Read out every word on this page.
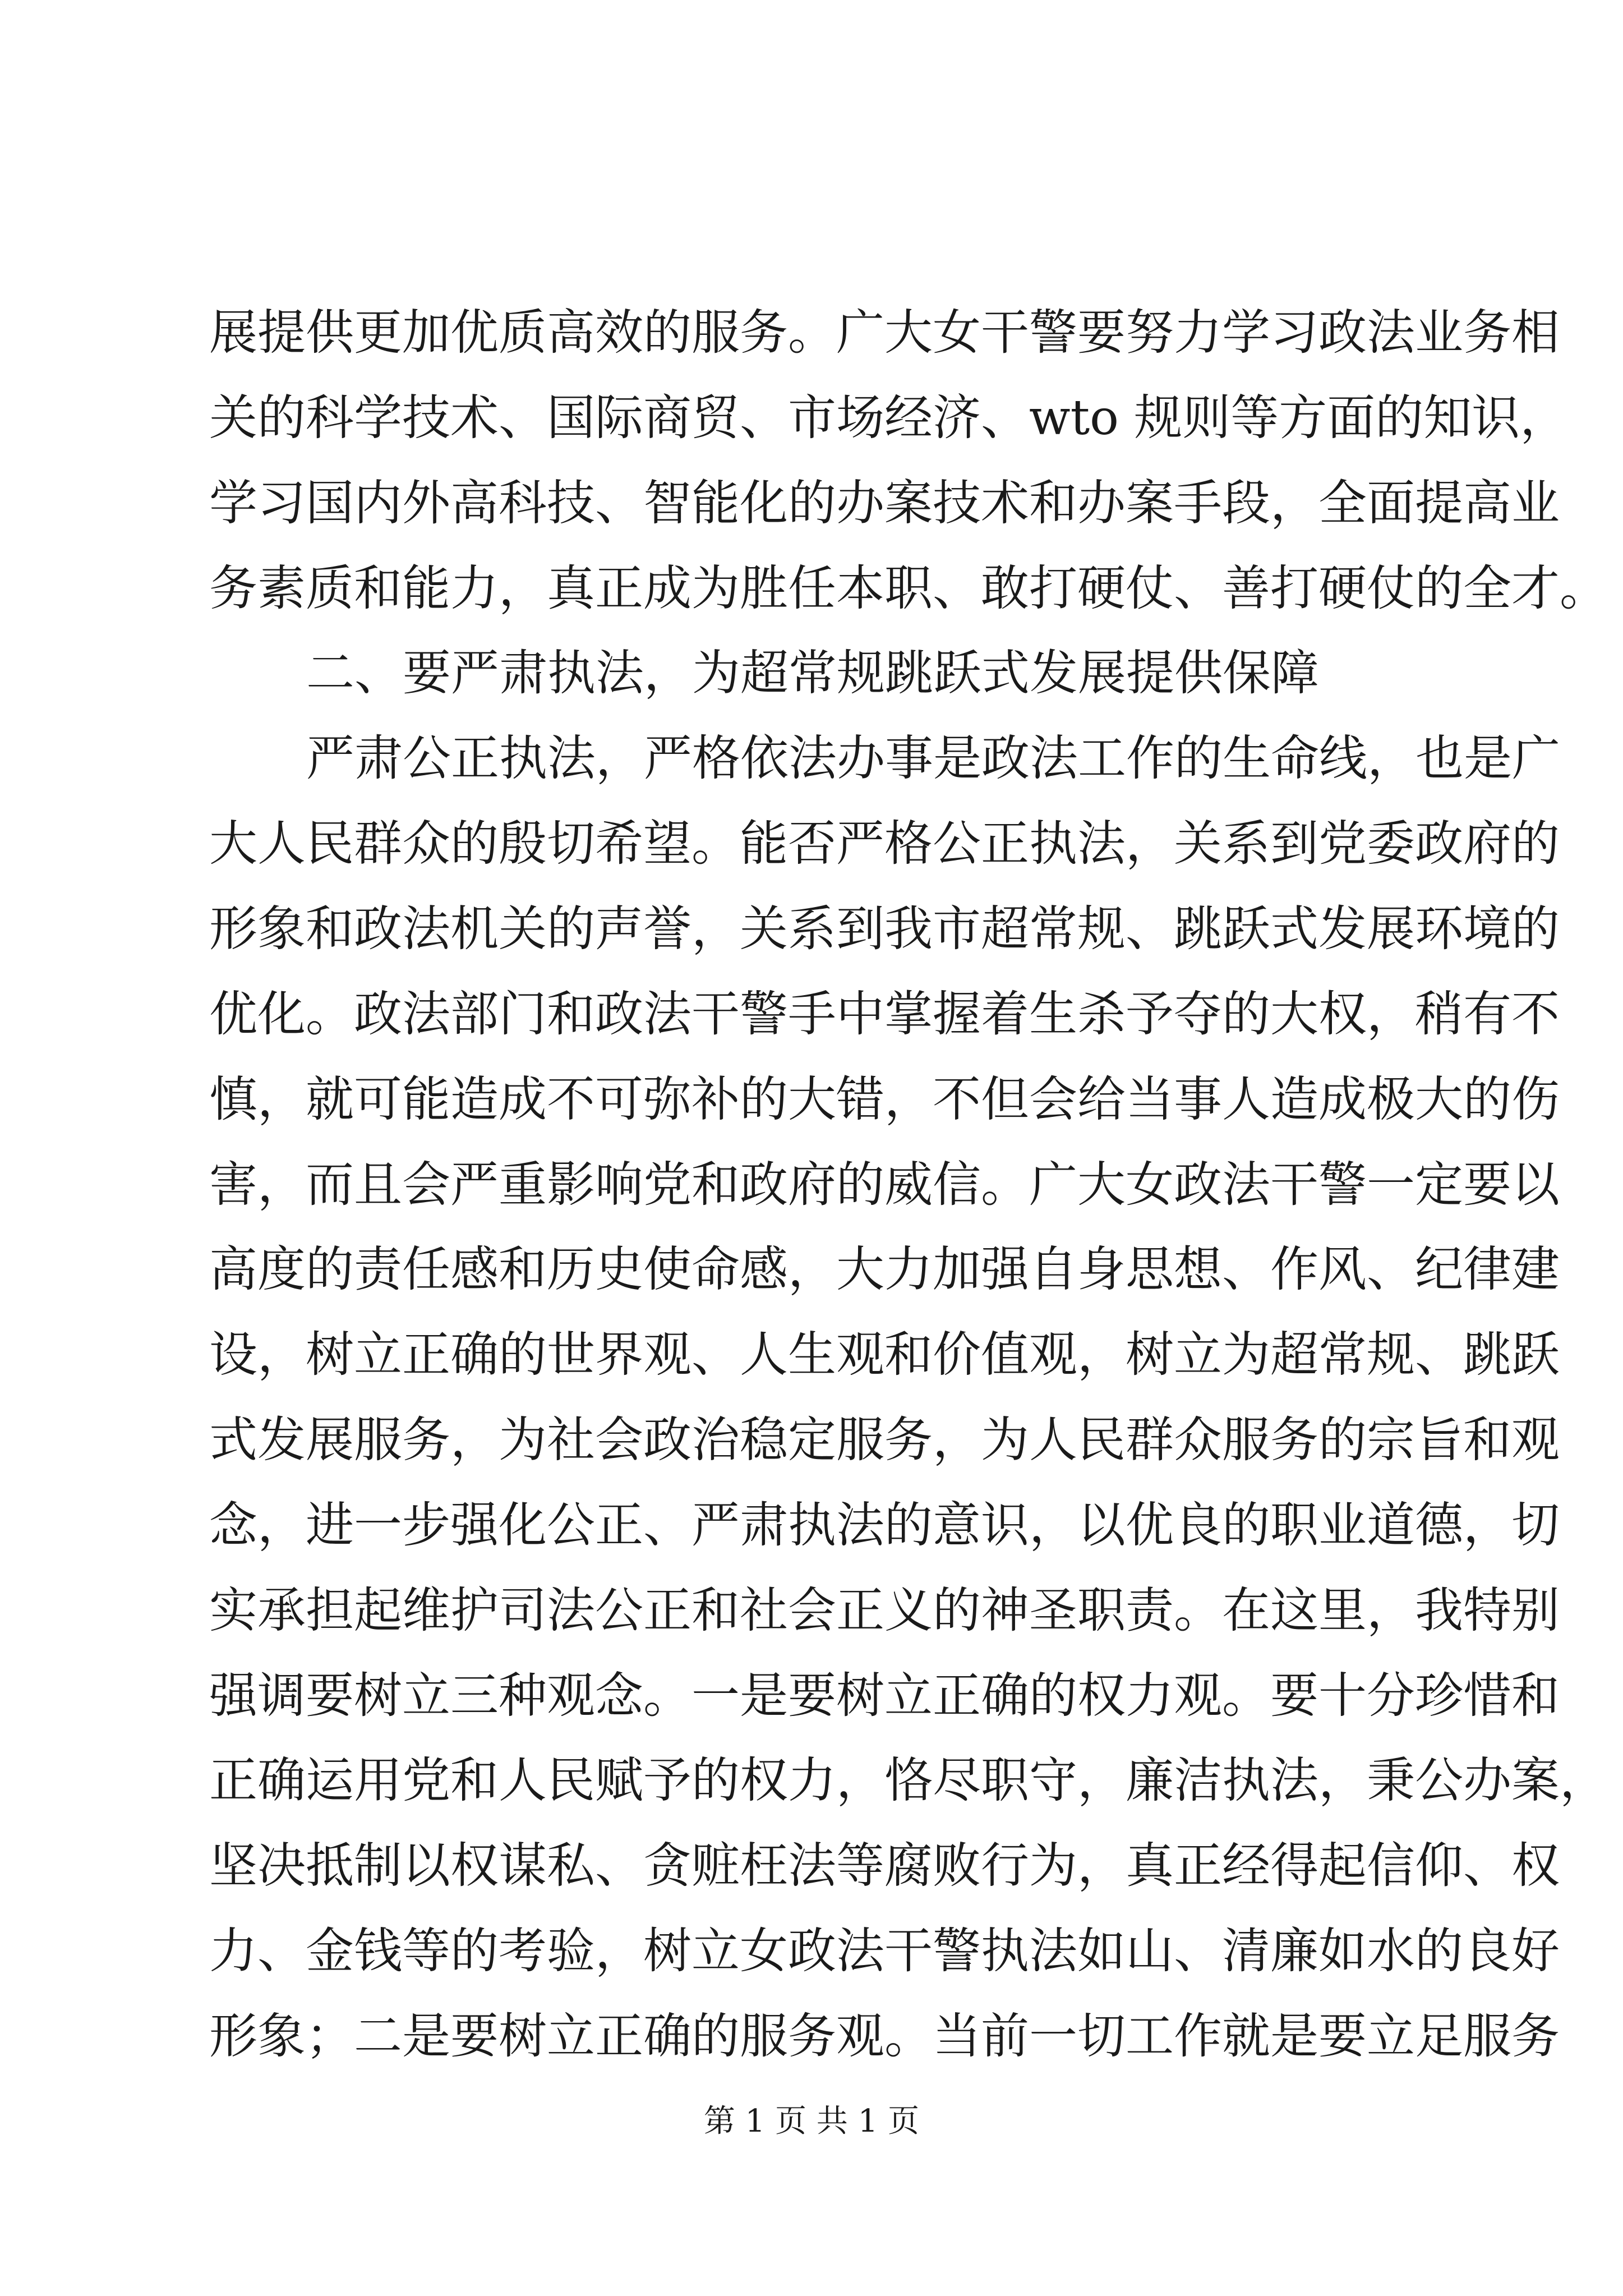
展提供更加优质高效的服务。广大女干警要努力学习政法业务相
关的科学技术、国际商贸、市场经济、wto 规则等方面的知识，
学习国内外高科技、智能化的办案技术和办案手段，全面提高业
务素质和能力，真正成为胜任本职、敢打硬仗、善打硬仗的全才。
二、要严肃执法，为超常规跳跃式发展提供保障
严肃公正执法，严格依法办事是政法工作的生命线，也是广
大人民群众的殷切希望。能否严格公正执法，关系到党委政府的
形象和政法机关的声誉，关系到我市超常规、跳跃式发展环境的
优化。政法部门和政法干警手中掌握着生杀予夺的大权，稍有不
慎，就可能造成不可弥补的大错，不但会给当事人造成极大的伤
害，而且会严重影响党和政府的威信。广大女政法干警一定要以
高度的责任感和历史使命感，大力加强自身思想、作风、纪律建
设，树立正确的世界观、人生观和价值观，树立为超常规、跳跃
式发展服务，为社会政治稳定服务，为人民群众服务的宗旨和观
念，进一步强化公正、严肃执法的意识，以优良的职业道德，切
实承担起维护司法公正和社会正义的神圣职责。在这里，我特别
强调要树立三种观念。一是要树立正确的权力观。要十分珍惜和
正确运用党和人民赋予的权力，恪尽职守，廉洁执法，秉公办案，
坚决抵制以权谋私、贪赃枉法等腐败行为，真正经得起信仰、权
力、金钱等的考验，树立女政法干警执法如山、清廉如水的良好
形象；二是要树立正确的服务观。当前一切工作就是要立足服务
第 1 页 共 1 页
